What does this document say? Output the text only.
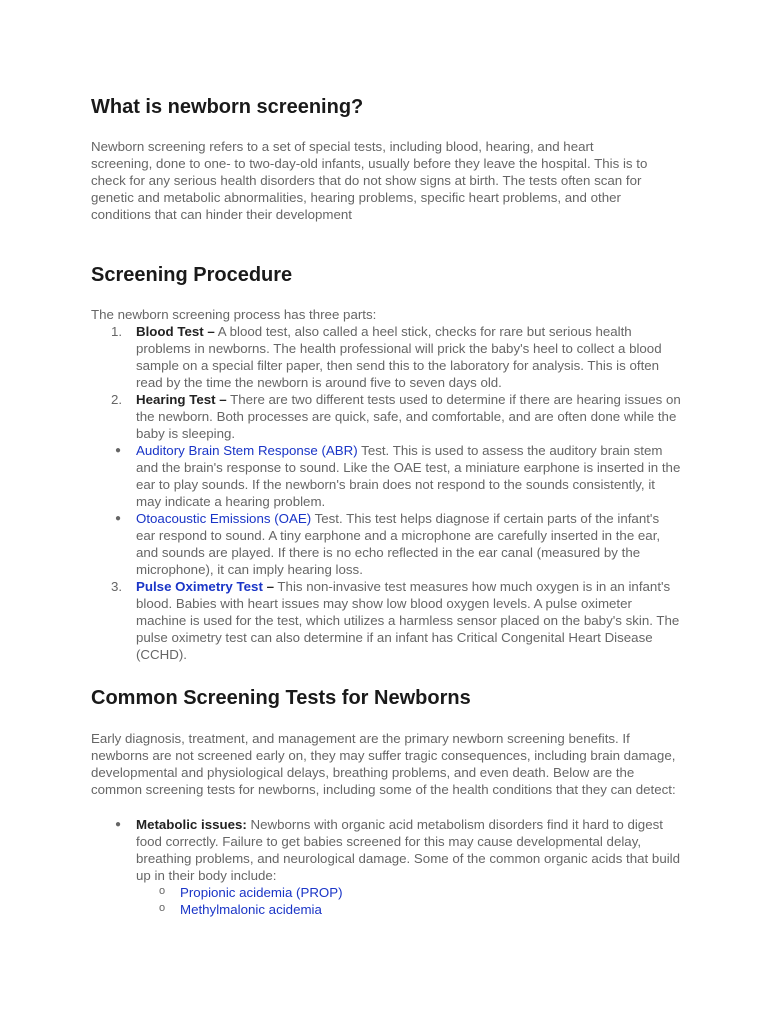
What is newborn screening?

Newborn screening refers to a set of special tests, including blood, hearing, and heart screening, done to one- to two-day-old infants, usually before they leave the hospital. This is to check for any serious health disorders that do not show signs at birth. The tests often scan for genetic and metabolic abnormalities, hearing problems, specific heart problems, and other conditions that can hinder their development

Screening Procedure

The newborn screening process has three parts:

1.	Blood Test – A blood test, also called a heel stick, checks for rare but serious health problems in newborns. The health professional will prick the baby's heel to collect a blood sample on a special filter paper, then send this to the laboratory for analysis. This is often read by the time the newborn is around five to seven days old.
2.	Hearing Test – There are two different tests used to determine if there are hearing issues on the newborn. Both processes are quick, safe, and comfortable, and are often done while the baby is sleeping.
● Auditory Brain Stem Response (ABR) Test. This is used to assess the auditory brain stem and the brain's response to sound. Like the OAE test, a miniature earphone is inserted in the ear to play sounds. If the newborn's brain does not respond to the sounds consistently, it may indicate a hearing problem.
● Otoacoustic Emissions (OAE) Test. This test helps diagnose if certain parts of the infant's ear respond to sound. A tiny earphone and a microphone are carefully inserted in the ear, and sounds are played. If there is no echo reflected in the ear canal (measured by the microphone), it can imply hearing loss.
3.	Pulse Oximetry Test – This non-invasive test measures how much oxygen is in an infant's blood. Babies with heart issues may show low blood oxygen levels. A pulse oximeter machine is used for the test, which utilizes a harmless sensor placed on the baby's skin. The pulse oximetry test can also determine if an infant has Critical Congenital Heart Disease (CCHD).
Common Screening Tests for Newborns

Early diagnosis, treatment, and management are the primary newborn screening benefits. If newborns are not screened early on, they may suffer tragic consequences, including brain damage, developmental and physiological delays, breathing problems, and even death. Below are the common screening tests for newborns, including some of the health conditions that they can detect:

● Metabolic issues: Newborns with organic acid metabolism disorders find it hard to digest food correctly. Failure to get babies screened for this may cause developmental delay, breathing problems, and neurological damage. Some of the common organic acids that build up in their body include:
o Propionic acidemia (PROP)
o Methylmalonic acidemia
